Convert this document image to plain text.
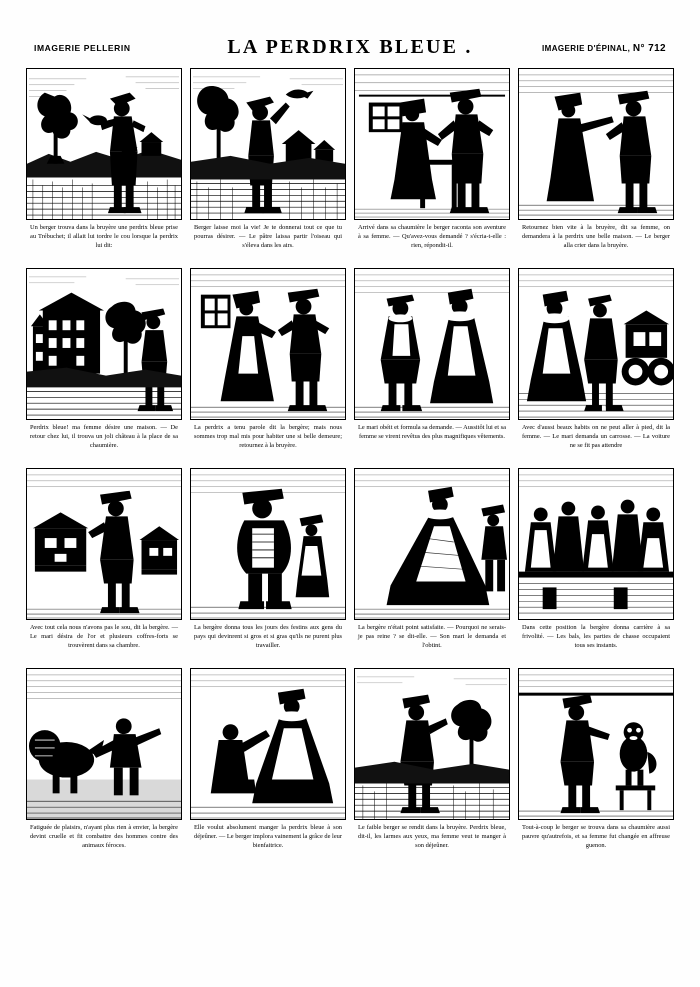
IMAGERIE PELLERIN	LA PERDRIX BLEUE .	IMAGERIE D'ÉPINAL, N° 712
Un berger trouva dans la bruyère une perdrix bleue prise au Trébuchet; il allait lui tordre le cou lorsque la perdrix lui dit:
Berger laisse moi la vie! Je te donnerai tout ce que tu pourras désirer. — Le pâtre laissa partir l'oiseau qui s'éleva dans les airs.
Arrivé dans sa chaumière le berger raconta son aventure à sa femme. — Qu'avez-vous demandé ? s'écria-t-elle : rien, répondit-il.
Retournez bien vite à la bruyère, dit sa femme, on demandera à la perdrix une belle maison. — Le berger alla crier dans la bruyère.
Perdrix bleue! ma femme désire une maison. — De retour chez lui, il trouva un joli château à la place de sa chaumière.
La perdrix a tenu parole dit la bergère; mais nous sommes trop mal mis pour habiter une si belle demeure; retournez à la bruyère.
Le mari obéit et formula sa demande. — Aussitôt lui et sa femme se virent revêtus des plus magnifiques vêtements.
Avec d'aussi beaux habits on ne peut aller à pied, dit la femme. — Le mari demanda un carrosse. — La voiture ne se fit pas attendre
Avec tout cela nous n'avons pas le sou, dit la bergère. — Le mari désira de l'or et plusieurs coffres-forts se trouvèrent dans sa chambre.
La bergère donna tous les jours des festins aux gens du pays qui devinrent si gros et si gras qu'ils ne purent plus travailler.
La bergère n'était point satisfaite. — Pourquoi ne serais-je pas reine ? se dit-elle. — Son mari le demanda et l'obtint.
Dans cette position la bergère donna carrière à sa frivolité. — Les bals, les parties de chasse occupaient tous ses instants.
Fatiguée de plaisirs, n'ayant plus rien à envier, la bergère devint cruelle et fit combattre des hommes contre des animaux féroces.
Elle voulut absolument manger la perdrix bleue à son déjeûner. — Le berger implora vainement la grâce de leur bienfaitrice.
Le faible berger se rendit dans la bruyère. Perdrix bleue, dit-il, les larmes aux yeux, ma femme veut te manger à son déjeûner.
Tout-à-coup le berger se trouva dans sa chaumière aussi pauvre qu'autrefois, et sa femme fut changée en affreuse guenon.
